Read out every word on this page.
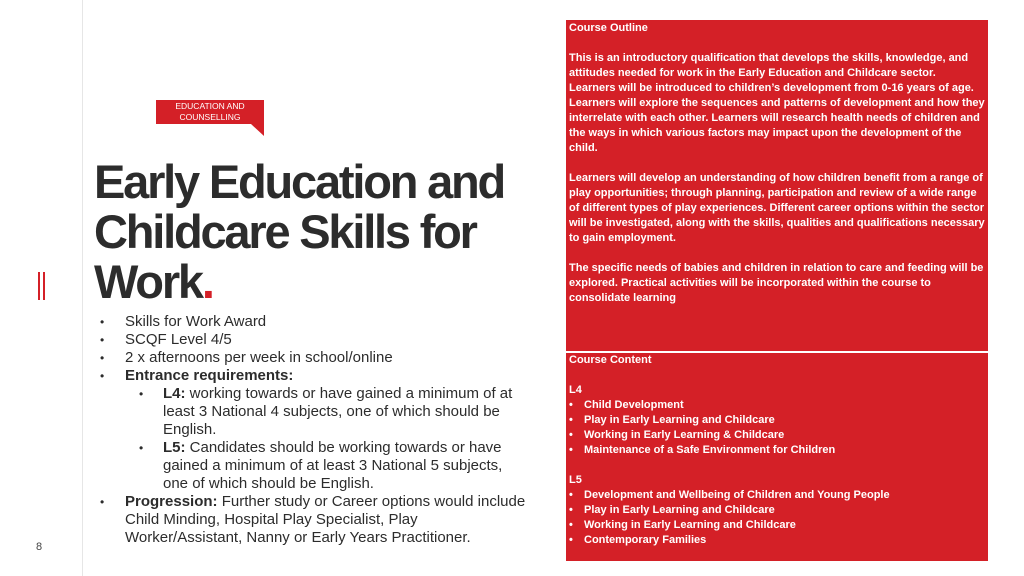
8
EDUCATION AND COUNSELLING
Early Education and Childcare Skills for Work.
• Skills for Work Award
• SCQF Level 4/5
• 2 x afternoons per week in school/online
• Entrance requirements:
• L4: working towards or have gained a minimum of at least 3 National 4 subjects, one of which should be English.
• L5: Candidates should be working towards or have gained a minimum of at least 3 National 5 subjects, one of which should be English.
• Progression: Further study or Career options would include Child Minding, Hospital Play Specialist, Play Worker/Assistant, Nanny or Early Years Practitioner.

Course Outline

This is an introductory qualification that develops the skills, knowledge, and attitudes needed for work in the Early Education and Childcare sector. Learners will be introduced to children’s development from 0-16 years of age. Learners will explore the sequences and patterns of development and how they interrelate with each other. Learners will research health needs of children and the ways in which various factors may impact upon the development of the child.

Learners will develop an understanding of how children benefit from a range of play opportunities; through planning, participation and review of a wide range of different types of play experiences. Different career options within the sector will be investigated, along with the skills, qualities and qualifications necessary to gain employment.

The specific needs of babies and children in relation to care and feeding will be explored. Practical activities will be incorporated within the course to consolidate learning

Course Content

L4

• Child Development
• Play in Early Learning and Childcare
• Working in Early Learning & Childcare
• Maintenance of a Safe Environment for Children

L5

• Development and Wellbeing of Children and Young People
• Play in Early Learning and Childcare
• Working in Early Learning and Childcare
• Contemporary Families
